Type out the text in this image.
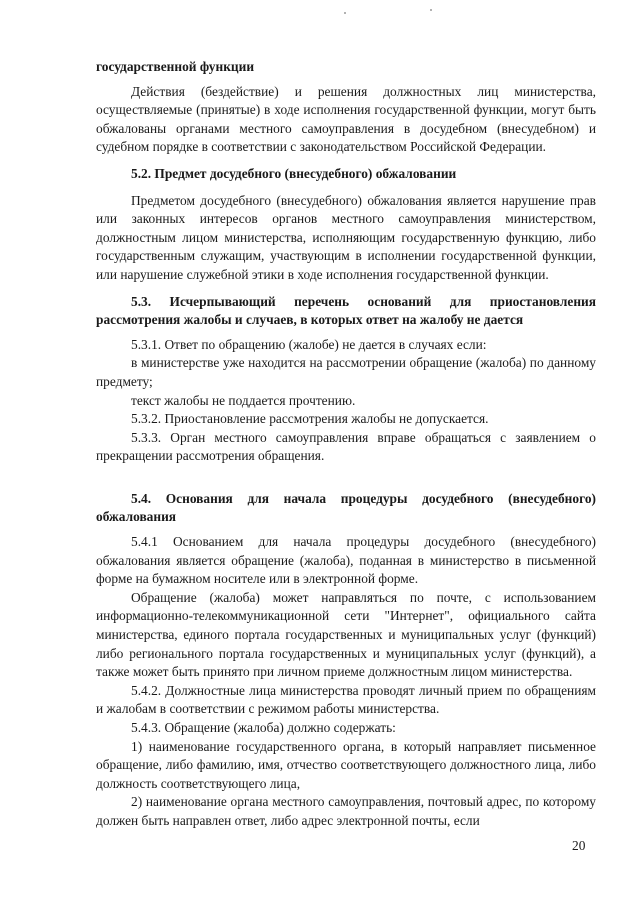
государственной функции

Действия (бездействие) и решения должностных лиц министерства, осуществляемые (принятые) в ходе исполнения государственной функции, могут быть обжалованы органами местного самоуправления в досудебном (внесудебном) и судебном порядке в соответствии с законодательством Российской Федерации.

5.2. Предмет досудебного (внесудебного) обжаловании

Предметом досудебного (внесудебного) обжалования является нарушение прав или законных интересов органов местного самоуправления министерством, должностным лицом министерства, исполняющим государственную функцию, либо государственным служащим, участвующим в исполнении государственной функции, или нарушение служебной этики в ходе исполнения государственной функции.

5.3. Исчерпывающий перечень оснований для приостановления рассмотрения жалобы и случаев, в которых ответ на жалобу не дается

5.3.1. Ответ по обращению (жалобе) не дается в случаях если:

в министерстве уже находится на рассмотрении обращение (жалоба) по данному предмету;

текст жалобы не поддается прочтению.

5.3.2. Приостановление рассмотрения жалобы не допускается.

5.3.3. Орган местного самоуправления вправе обращаться с заявлением о прекращении рассмотрения обращения.

5.4. Основания для начала процедуры досудебного (внесудебного) обжалования

5.4.1 Основанием для начала процедуры досудебного (внесудебного) обжалования является обращение (жалоба), поданная в министерство в письменной форме на бумажном носителе или в электронной форме.

Обращение (жалоба) может направляться по почте, с использованием информационно-телекоммуникационной сети "Интернет", официального сайта министерства, единого портала государственных и муниципальных услуг (функций) либо регионального портала государственных и муниципальных услуг (функций), а также может быть принято при личном приеме должностным лицом министерства.

5.4.2. Должностные лица министерства проводят личный прием по обращениям и жалобам в соответствии с режимом работы министерства.

5.4.3. Обращение (жалоба) должно содержать:

1) наименование государственного органа, в который направляет письменное обращение, либо фамилию, имя, отчество соответствующего должностного лица, либо должность соответствующего лица,

2) наименование органа местного самоуправления, почтовый адрес, по которому должен быть направлен ответ, либо адрес электронной почты, если

20
